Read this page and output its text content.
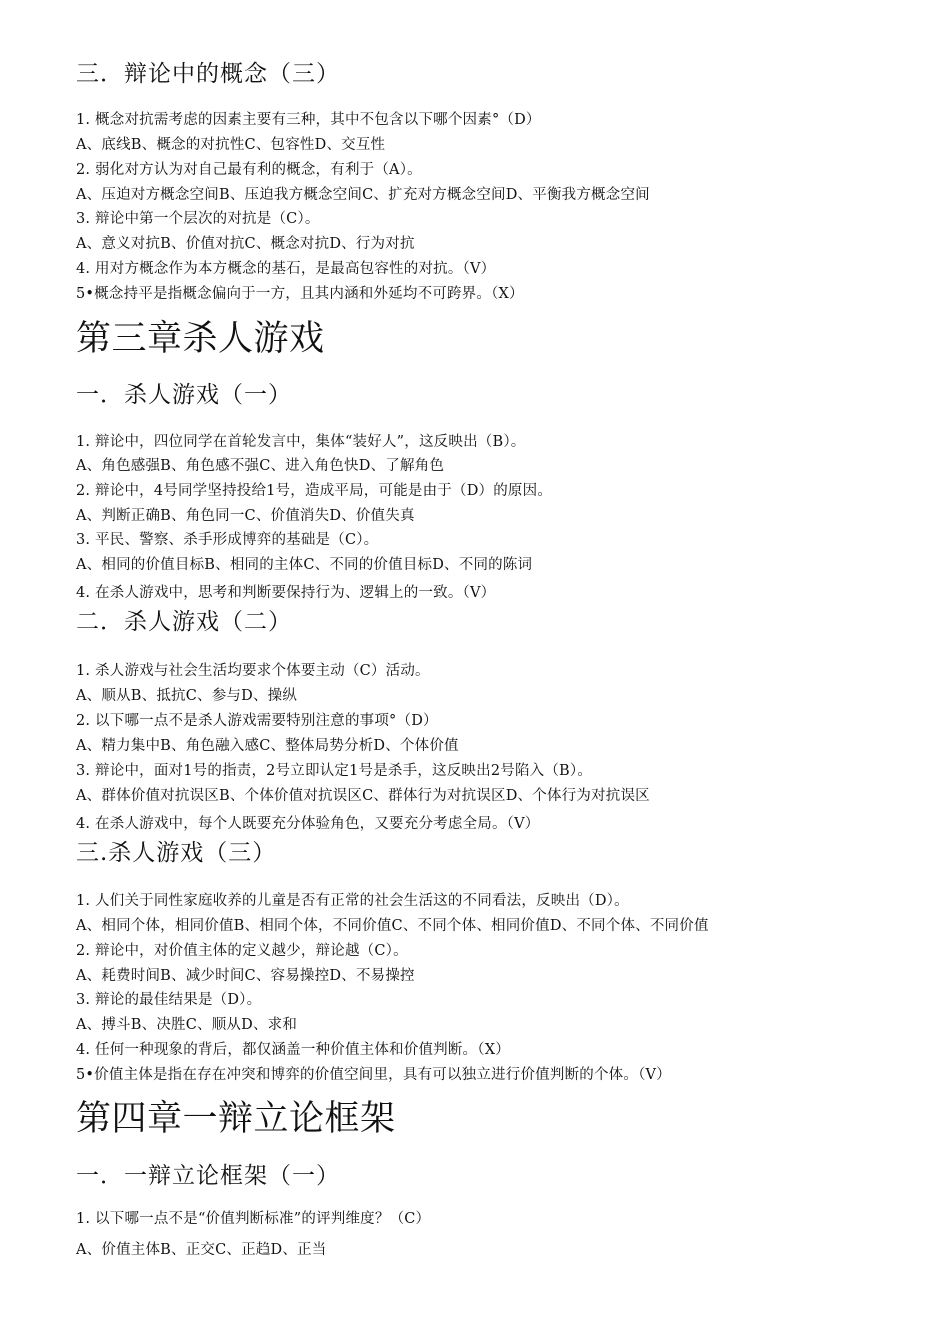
三．辩论中的概念（三）
1. 概念对抗需考虑的因素主要有三种，其中不包含以下哪个因素°（D）
A、底线B、概念的对抗性C、包容性D、交互性
2. 弱化对方认为对自己最有利的概念，有利于（A）。
A、压迫对方概念空间B、压迫我方概念空间C、扩充对方概念空间D、平衡我方概念空间
3. 辩论中第一个层次的对抗是（C）。
A、意义对抗B、价值对抗C、概念对抗D、行为对抗
4. 用对方概念作为本方概念的基石，是最高包容性的对抗。（V）
5•概念持平是指概念偏向于一方，且其内涵和外延均不可跨界。（X）
第三章杀人游戏
一．杀人游戏（一）
1. 辩论中，四位同学在首轮发言中，集体“装好人”，这反映出（B）。
A、角色感强B、角色感不强C、进入角色快D、了解角色
2. 辩论中，4号同学坚持投给1号，造成平局，可能是由于（D）的原因。
A、判断正确B、角色同一C、价值消失D、价值失真
3. 平民、警察、杀手形成博弈的基础是（C）。
A、相同的价值目标B、相同的主体C、不同的价值目标D、不同的陈词
4. 在杀人游戏中，思考和判断要保持行为、逻辑上的一致。（V）
二．杀人游戏（二）
1. 杀人游戏与社会生活均要求个体要主动（C）活动。
A、顺从B、抵抗C、参与D、操纵
2. 以下哪一点不是杀人游戏需要特别注意的事项°（D）
A、精力集中B、角色融入感C、整体局势分析D、个体价值
3. 辩论中，面对1号的指责，2号立即认定1号是杀手，这反映出2号陷入（B）。
A、群体价值对抗误区B、个体价值对抗误区C、群体行为对抗误区D、个体行为对抗误区
4. 在杀人游戏中，每个人既要充分体验角色，又要充分考虑全局。（V）
三.杀人游戏（三）
1. 人们关于同性家庭收养的儿童是否有正常的社会生活这的不同看法，反映出（D）。
A、相同个体，相同价值B、相同个体，不同价值C、不同个体、相同价值D、不同个体、不同价值
2. 辩论中，对价值主体的定义越少，辩论越（C）。
A、耗费时间B、减少时间C、容易操控D、不易操控
3. 辩论的最佳结果是（D）。
A、搏斗B、决胜C、顺从D、求和
4. 任何一种现象的背后，都仅涵盖一种价值主体和价值判断。（X）
5•价值主体是指在存在冲突和博弈的价值空间里，具有可以独立进行价值判断的个体。（V）
第四章一辩立论框架
一．一辩立论框架（一）
1. 以下哪一点不是“价值判断标准”的评判维度？（C）
A、价值主体B、正交C、正趋D、正当
